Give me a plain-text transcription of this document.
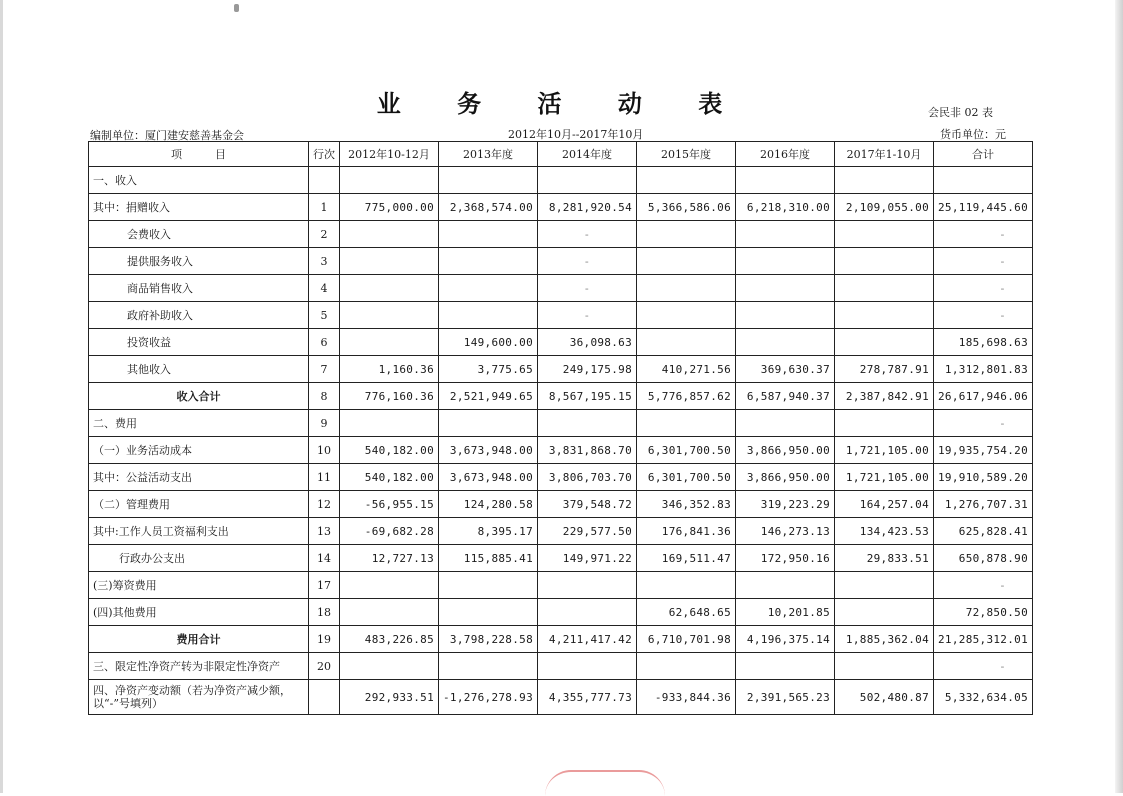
业 务 活 动 表	会民非 02 表
编制单位：厦门建安慈善基金会	2012年10月--2017年10月	货币单位：元
项　　　目	行次	2012年10-12月	2013年度	2014年度	2015年度	2016年度	2017年1-10月	合计
一、收入								
其中：捐赠收入	1	775,000.00	2,368,574.00	8,281,920.54	5,366,586.06	6,218,310.00	2,109,055.00	25,119,445.60
会费收入	2			-				-
提供服务收入	3			-				-
商品销售收入	4			-				-
政府补助收入	5			-				-
投资收益	6		149,600.00	36,098.63				185,698.63
其他收入	7	1,160.36	3,775.65	249,175.98	410,271.56	369,630.37	278,787.91	1,312,801.83
收入合计	8	776,160.36	2,521,949.65	8,567,195.15	5,776,857.62	6,587,940.37	2,387,842.91	26,617,946.06
二、费用	9							-
（一）业务活动成本	10	540,182.00	3,673,948.00	3,831,868.70	6,301,700.50	3,866,950.00	1,721,105.00	19,935,754.20
其中：公益活动支出	11	540,182.00	3,673,948.00	3,806,703.70	6,301,700.50	3,866,950.00	1,721,105.00	19,910,589.20
（二）管理费用	12	-56,955.15	124,280.58	379,548.72	346,352.83	319,223.29	164,257.04	1,276,707.31
其中:工作人员工资福利支出	13	-69,682.28	8,395.17	229,577.50	176,841.36	146,273.13	134,423.53	625,828.41
行政办公支出	14	12,727.13	115,885.41	149,971.22	169,511.47	172,950.16	29,833.51	650,878.90
(三)筹资费用	17							-
(四)其他费用	18				62,648.65	10,201.85		72,850.50
费用合计	19	483,226.85	3,798,228.58	4,211,417.42	6,710,701.98	4,196,375.14	1,885,362.04	21,285,312.01
三、限定性净资产转为非限定性净资产	20							-
四、净资产变动额（若为净资产减少额，以“-”号填列）		292,933.51	-1,276,278.93	4,355,777.73	-933,844.36	2,391,565.23	502,480.87	5,332,634.05
